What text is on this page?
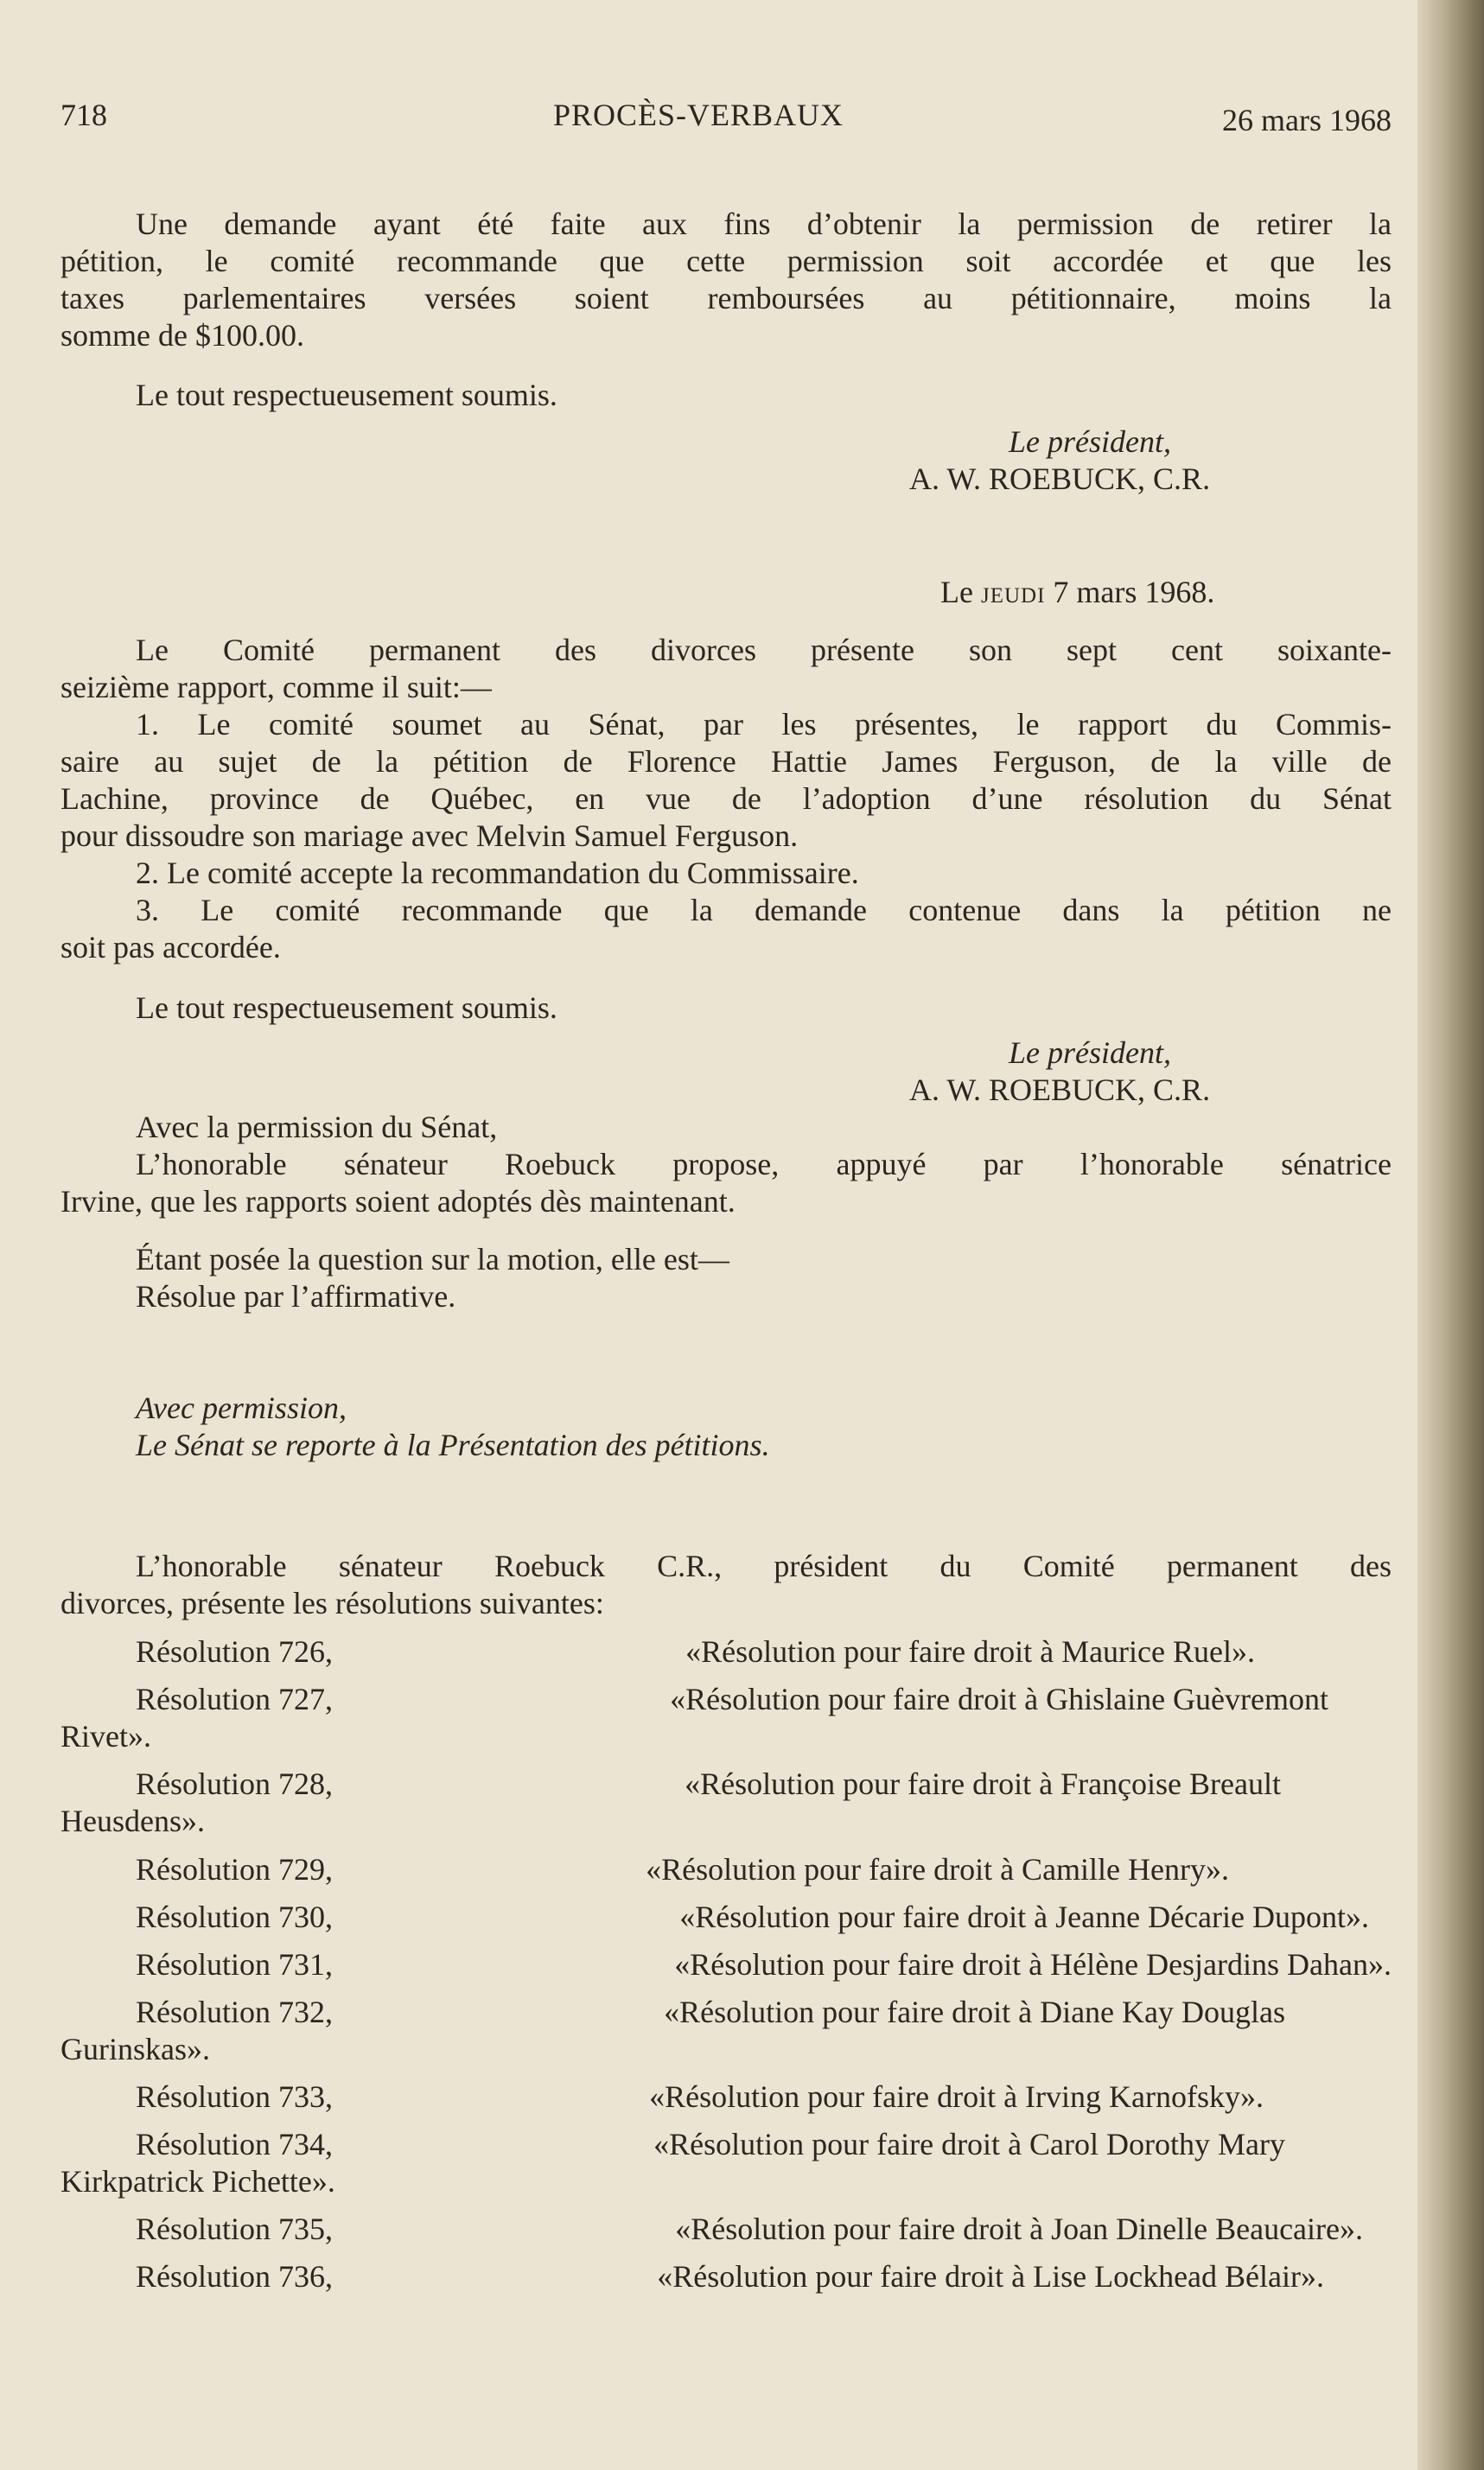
718	PROCÈS-VERBAUX	26 mars 1968
Une demande ayant été faite aux fins d’obtenir la permission de retirer la
pétition, le comité recommande que cette permission soit accordée et que les
taxes parlementaires versées soient remboursées au pétitionnaire, moins la
somme de $100.00.
Le tout respectueusement soumis.
Le président,
A. W. ROEBUCK, C.R.
Le jeudi 7 mars 1968.
Le Comité permanent des divorces présente son sept cent soixante-
seizième rapport, comme il suit:—
1. Le comité soumet au Sénat, par les présentes, le rapport du Commis-
saire au sujet de la pétition de Florence Hattie James Ferguson, de la ville de
Lachine, province de Québec, en vue de l’adoption d’une résolution du Sénat
pour dissoudre son mariage avec Melvin Samuel Ferguson.
2. Le comité accepte la recommandation du Commissaire.
3. Le comité recommande que la demande contenue dans la pétition ne
soit pas accordée.
Le tout respectueusement soumis.
Le président,
A. W. ROEBUCK, C.R.
Avec la permission du Sénat,
L’honorable sénateur Roebuck propose, appuyé par l’honorable sénatrice
Irvine, que les rapports soient adoptés dès maintenant.
Étant posée la question sur la motion, elle est—
Résolue par l’affirmative.
Avec permission,
Le Sénat se reporte à la Présentation des pétitions.
L’honorable sénateur Roebuck C.R., président du Comité permanent des
divorces, présente les résolutions suivantes:
Résolution 726,	«Résolution pour faire droit à Maurice Ruel».
Résolution 727,	«Résolution pour faire droit à Ghislaine Guèvremont
Rivet».
Résolution 728,	«Résolution pour faire droit à Françoise Breault
Heusdens».
Résolution 729,	«Résolution pour faire droit à Camille Henry».
Résolution 730,	«Résolution pour faire droit à Jeanne Décarie Dupont».
Résolution 731,	«Résolution pour faire droit à Hélène Desjardins Dahan».
Résolution 732,	«Résolution pour faire droit à Diane Kay Douglas
Gurinskas».
Résolution 733,	«Résolution pour faire droit à Irving Karnofsky».
Résolution 734,	«Résolution pour faire droit à Carol Dorothy Mary
Kirkpatrick Pichette».
Résolution 735,	«Résolution pour faire droit à Joan Dinelle Beaucaire».
Résolution 736,	«Résolution pour faire droit à Lise Lockhead Bélair».
